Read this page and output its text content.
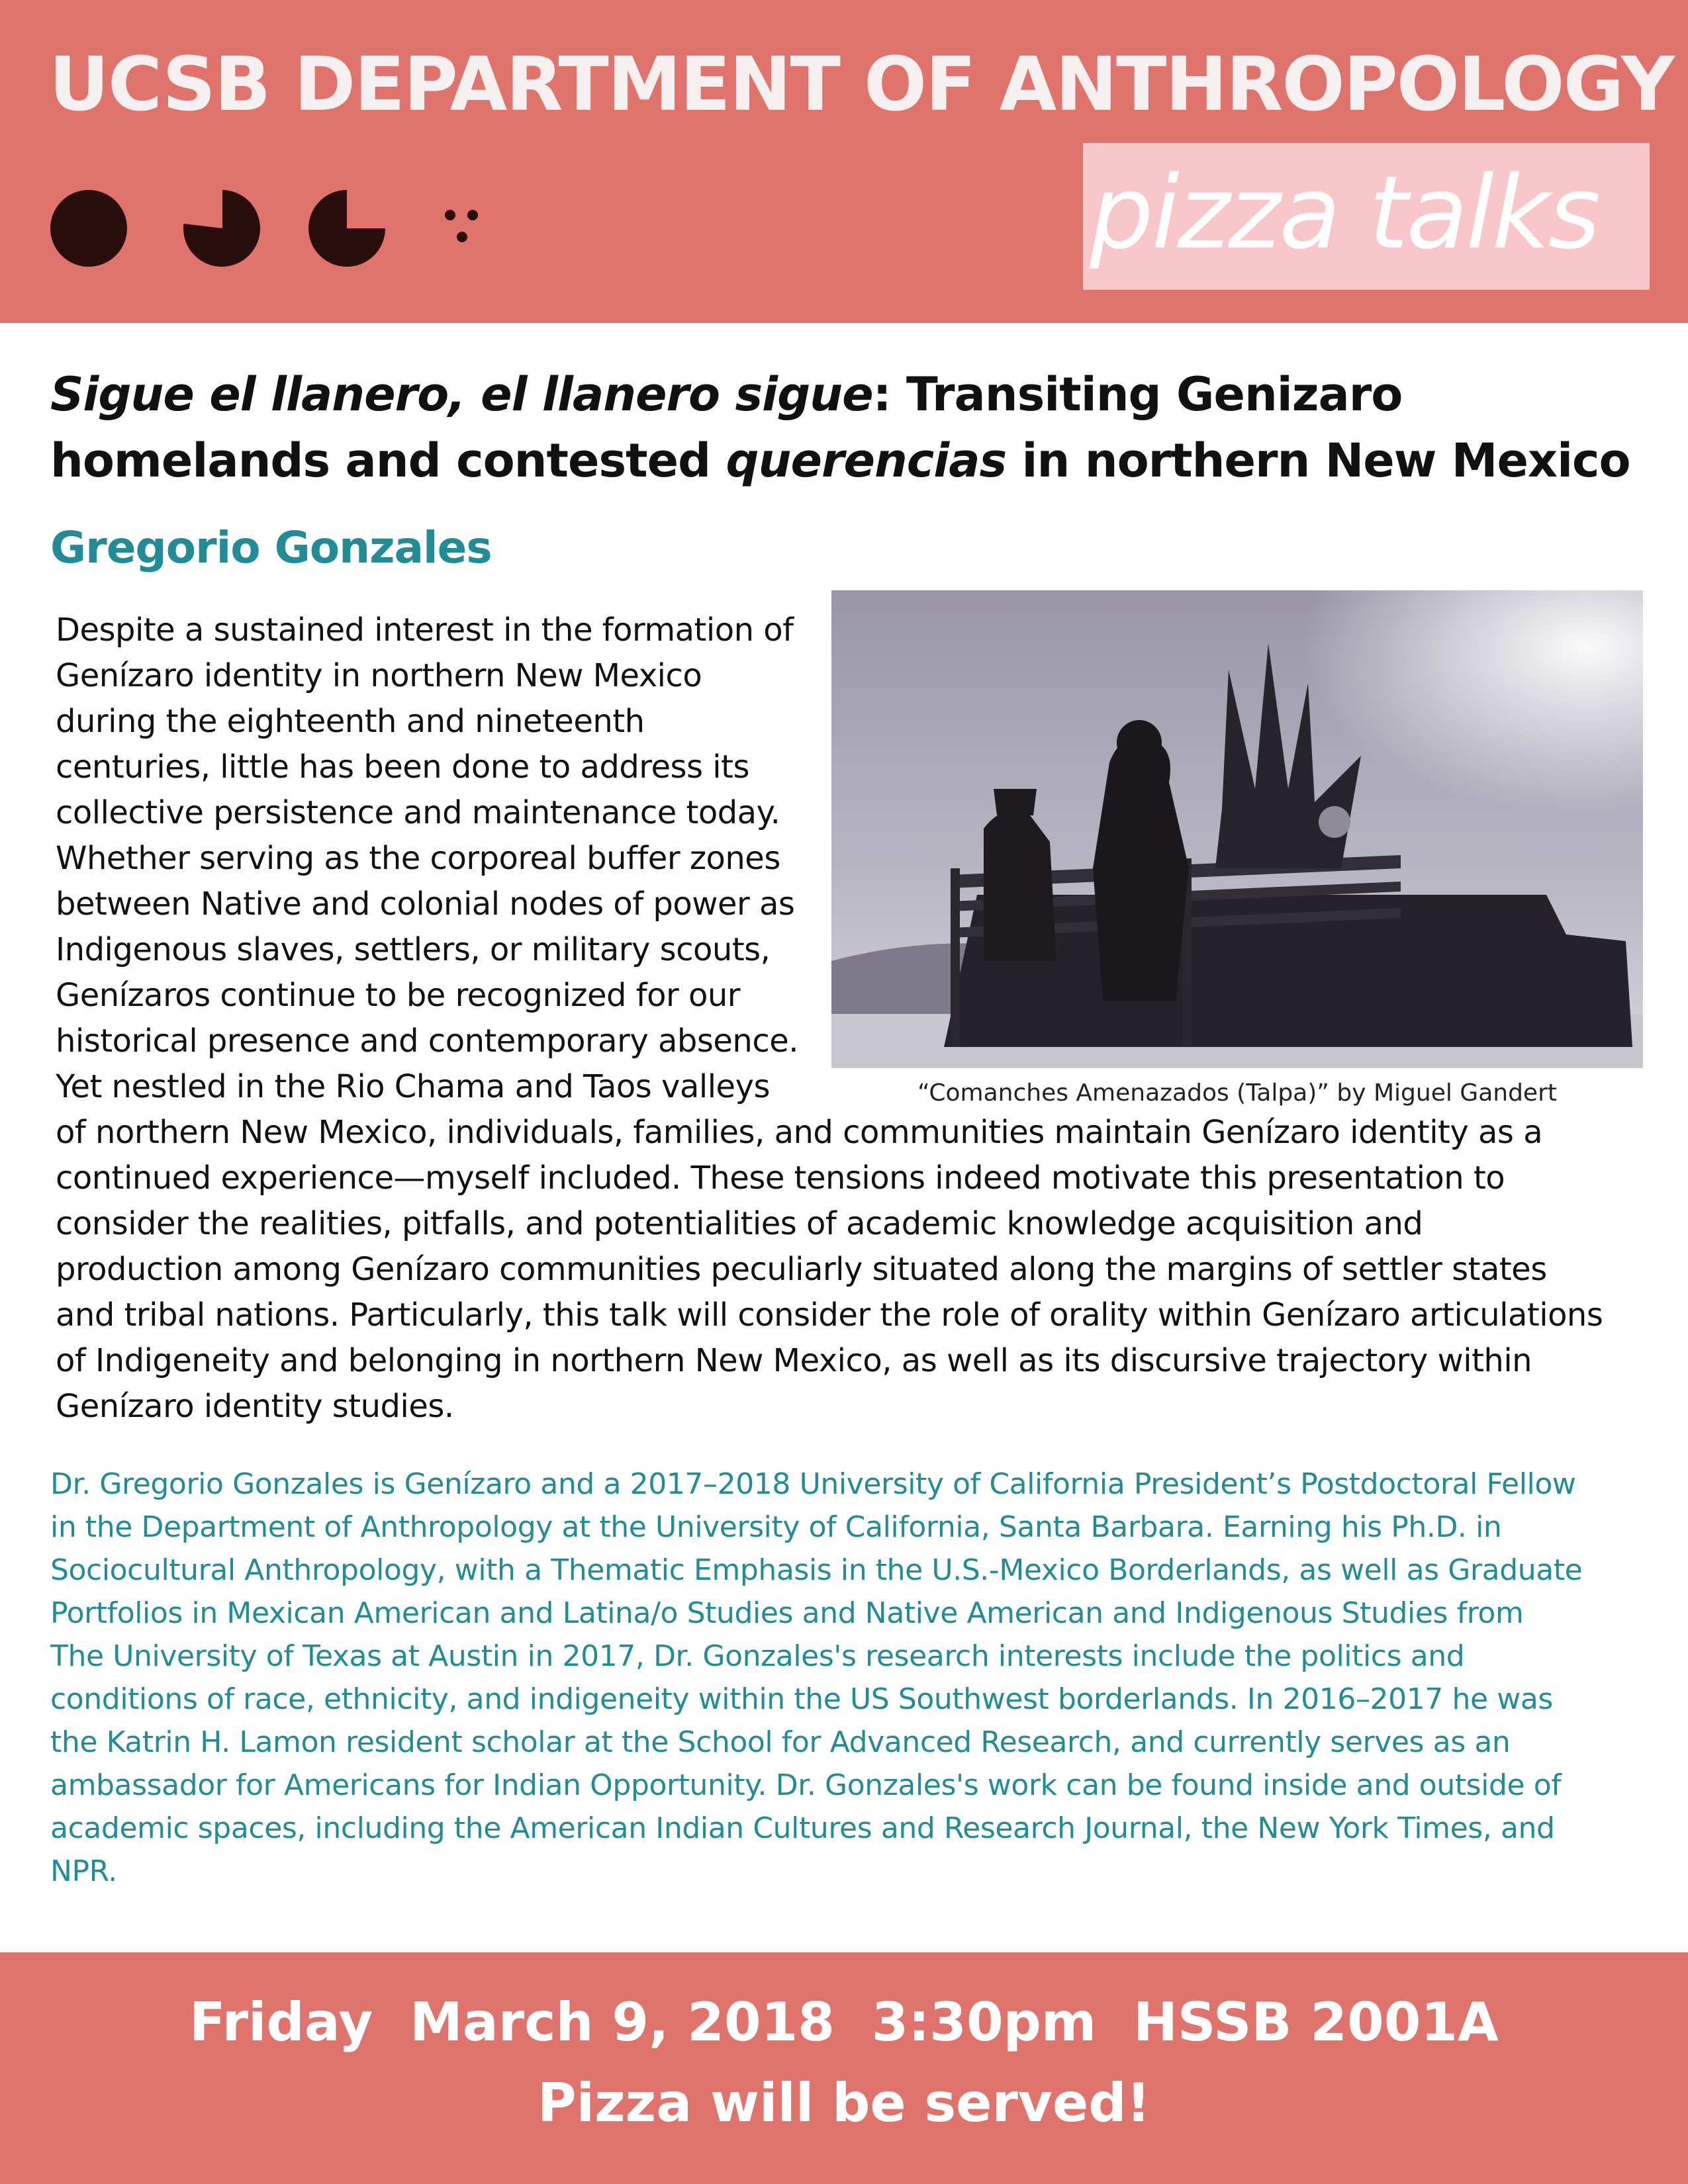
UCSB DEPARTMENT OF ANTHROPOLOGY
pizza talks
Sigue el llanero, el llanero sigue: Transiting Genizaro homelands and contested querencias in northern New Mexico
Gregorio Gonzales
“Comanches Amenazados (Talpa)” by Miguel Gandert
Despite a sustained interest in the formation of
Genízaro identity in northern New Mexico
during the eighteenth and nineteenth
centuries, little has been done to address its
collective persistence and maintenance today.
Whether serving as the corporeal buffer zones
between Native and colonial nodes of power as
Indigenous slaves, settlers, or military scouts,
Genízaros continue to be recognized for our
historical presence and contemporary absence.
Yet nestled in the Rio Chama and Taos valleys
of northern New Mexico, individuals, families, and communities maintain Genízaro identity as a
continued experience—myself included. These tensions indeed motivate this presentation to
consider the realities, pitfalls, and potentialities of academic knowledge acquisition and
production among Genízaro communities peculiarly situated along the margins of settler states
and tribal nations. Particularly, this talk will consider the role of orality within Genízaro articulations
of Indigeneity and belonging in northern New Mexico, as well as its discursive trajectory within
Genízaro identity studies.
Dr. Gregorio Gonzales is Genízaro and a 2017–2018 University of California President’s Postdoctoral Fellow
in the Department of Anthropology at the University of California, Santa Barbara. Earning his Ph.D. in
Sociocultural Anthropology, with a Thematic Emphasis in the U.S.-Mexico Borderlands, as well as Graduate
Portfolios in Mexican American and Latina/o Studies and Native American and Indigenous Studies from
The University of Texas at Austin in 2017, Dr. Gonzales's research interests include the politics and
conditions of race, ethnicity, and indigeneity within the US Southwest borderlands. In 2016–2017 he was
the Katrin H. Lamon resident scholar at the School for Advanced Research, and currently serves as an
ambassador for Americans for Indian Opportunity. Dr. Gonzales's work can be found inside and outside of
academic spaces, including the American Indian Cultures and Research Journal, the New York Times, and
NPR.
Friday  March 9, 2018  3:30pm  HSSB 2001A
Pizza will be served!
